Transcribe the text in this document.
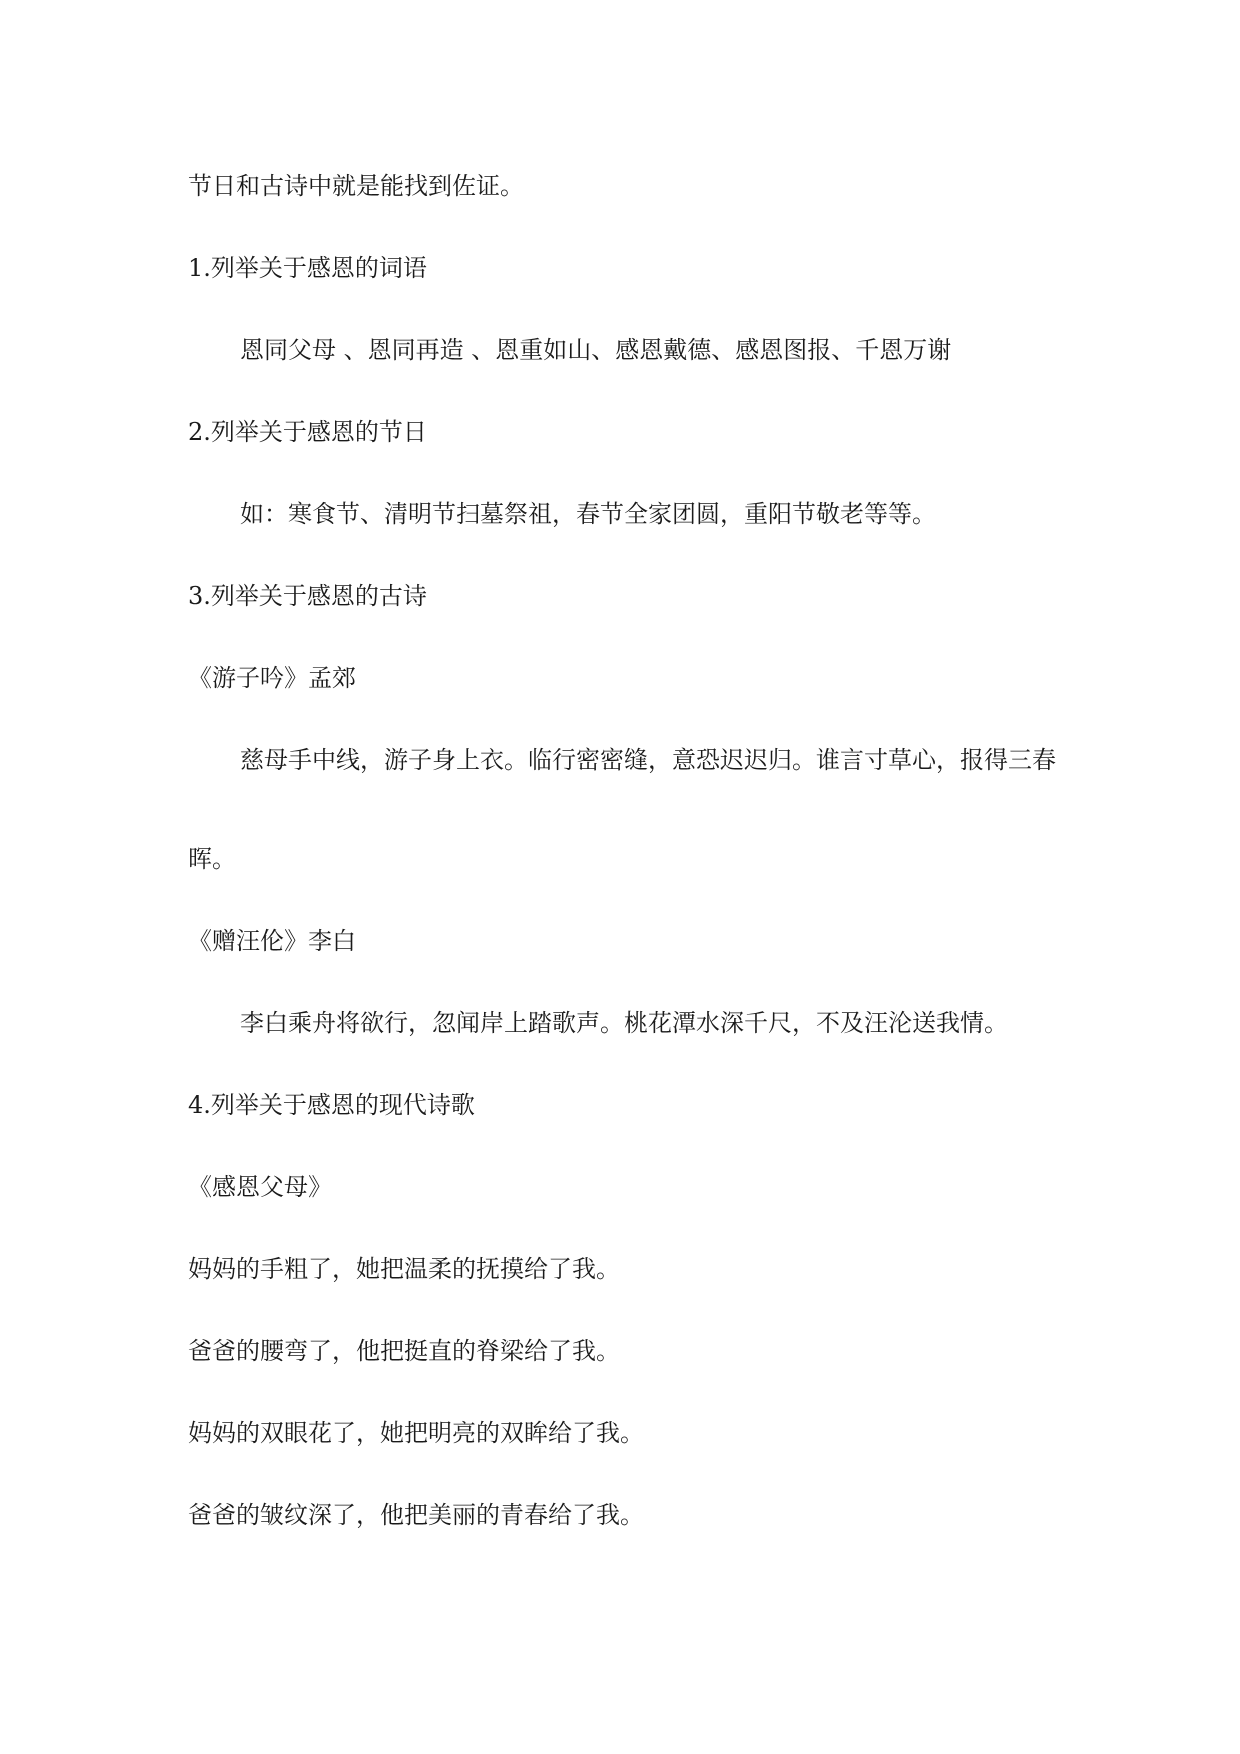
节日和古诗中就是能找到佐证。

1.列举关于感恩的词语

恩同父母 、恩同再造 、恩重如山、感恩戴德、感恩图报、千恩万谢

2.列举关于感恩的节日

如：寒食节、清明节扫墓祭祖，春节全家团圆，重阳节敬老等等。

3.列举关于感恩的古诗

《游子吟》孟郊

慈母手中线，游子身上衣。临行密密缝，意恐迟迟归。谁言寸草心，报得三春

晖。

《赠汪伦》李白

李白乘舟将欲行，忽闻岸上踏歌声。桃花潭水深千尺，不及汪沦送我情。

4.列举关于感恩的现代诗歌

《感恩父母》

妈妈的手粗了，她把温柔的抚摸给了我。

爸爸的腰弯了，他把挺直的脊梁给了我。

妈妈的双眼花了，她把明亮的双眸给了我。

爸爸的皱纹深了，他把美丽的青春给了我。
